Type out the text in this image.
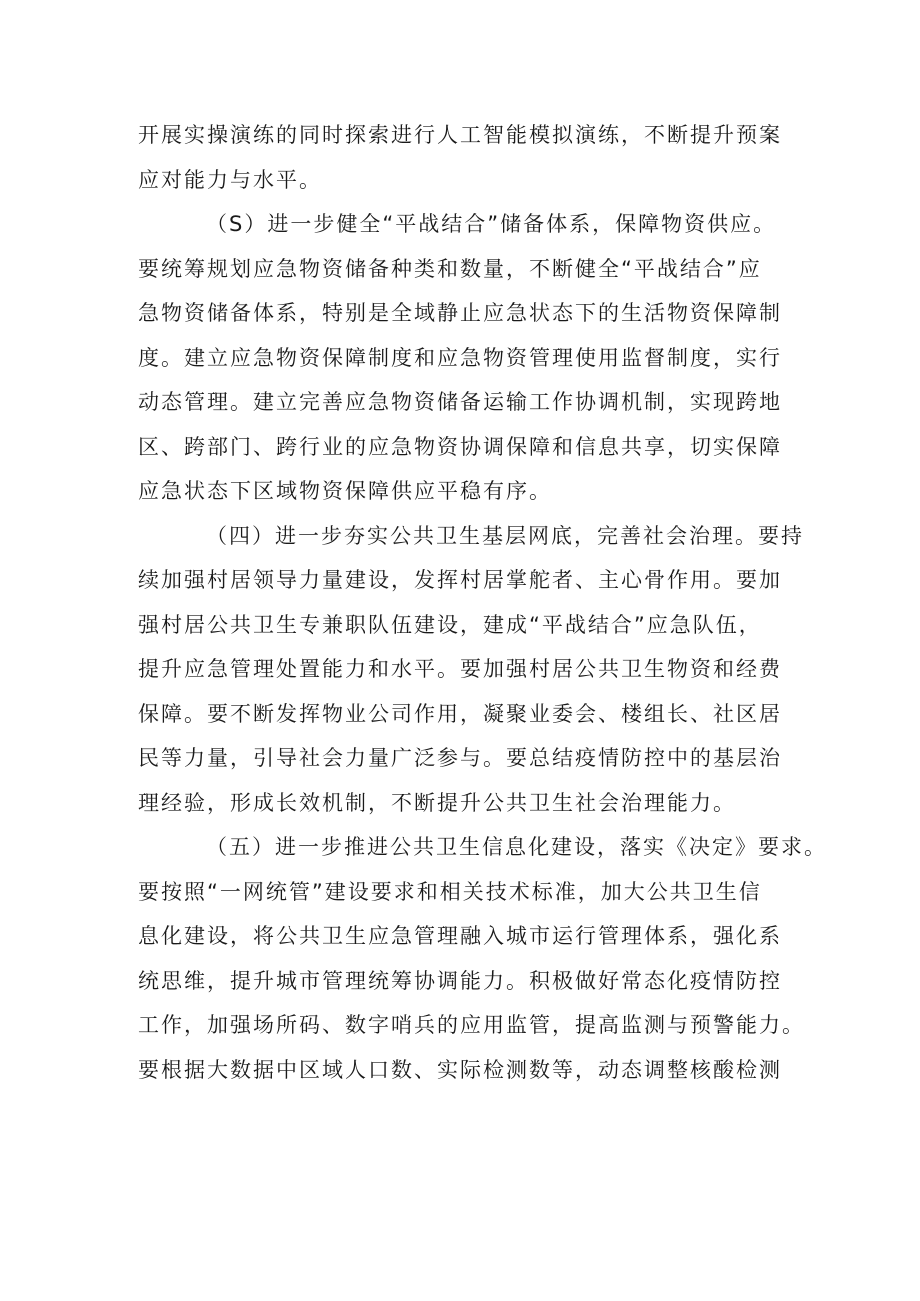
开展实操演练的同时探索进行人工智能模拟演练，不断提升预案
应对能力与水平。
（S）进一步健全“平战结合”储备体系，保障物资供应。
要统筹规划应急物资储备种类和数量，不断健全“平战结合”应
急物资储备体系，特别是全域静止应急状态下的生活物资保障制
度。建立应急物资保障制度和应急物资管理使用监督制度，实行
动态管理。建立完善应急物资储备运输工作协调机制，实现跨地
区、跨部门、跨行业的应急物资协调保障和信息共享，切实保障
应急状态下区域物资保障供应平稳有序。
（四）进一步夯实公共卫生基层网底，完善社会治理。要持
续加强村居领导力量建设，发挥村居掌舵者、主心骨作用。要加
强村居公共卫生专兼职队伍建设，建成“平战结合”应急队伍，
提升应急管理处置能力和水平。要加强村居公共卫生物资和经费
保障。要不断发挥物业公司作用，凝聚业委会、楼组长、社区居
民等力量，引导社会力量广泛参与。要总结疫情防控中的基层治
理经验，形成长效机制，不断提升公共卫生社会治理能力。
（五）进一步推进公共卫生信息化建设，落实《决定》要求。
要按照“一网统管”建设要求和相关技术标准，加大公共卫生信
息化建设，将公共卫生应急管理融入城市运行管理体系，强化系
统思维，提升城市管理统筹协调能力。积极做好常态化疫情防控
工作，加强场所码、数字哨兵的应用监管，提高监测与预警能力。
要根据大数据中区域人口数、实际检测数等，动态调整核酸检测
